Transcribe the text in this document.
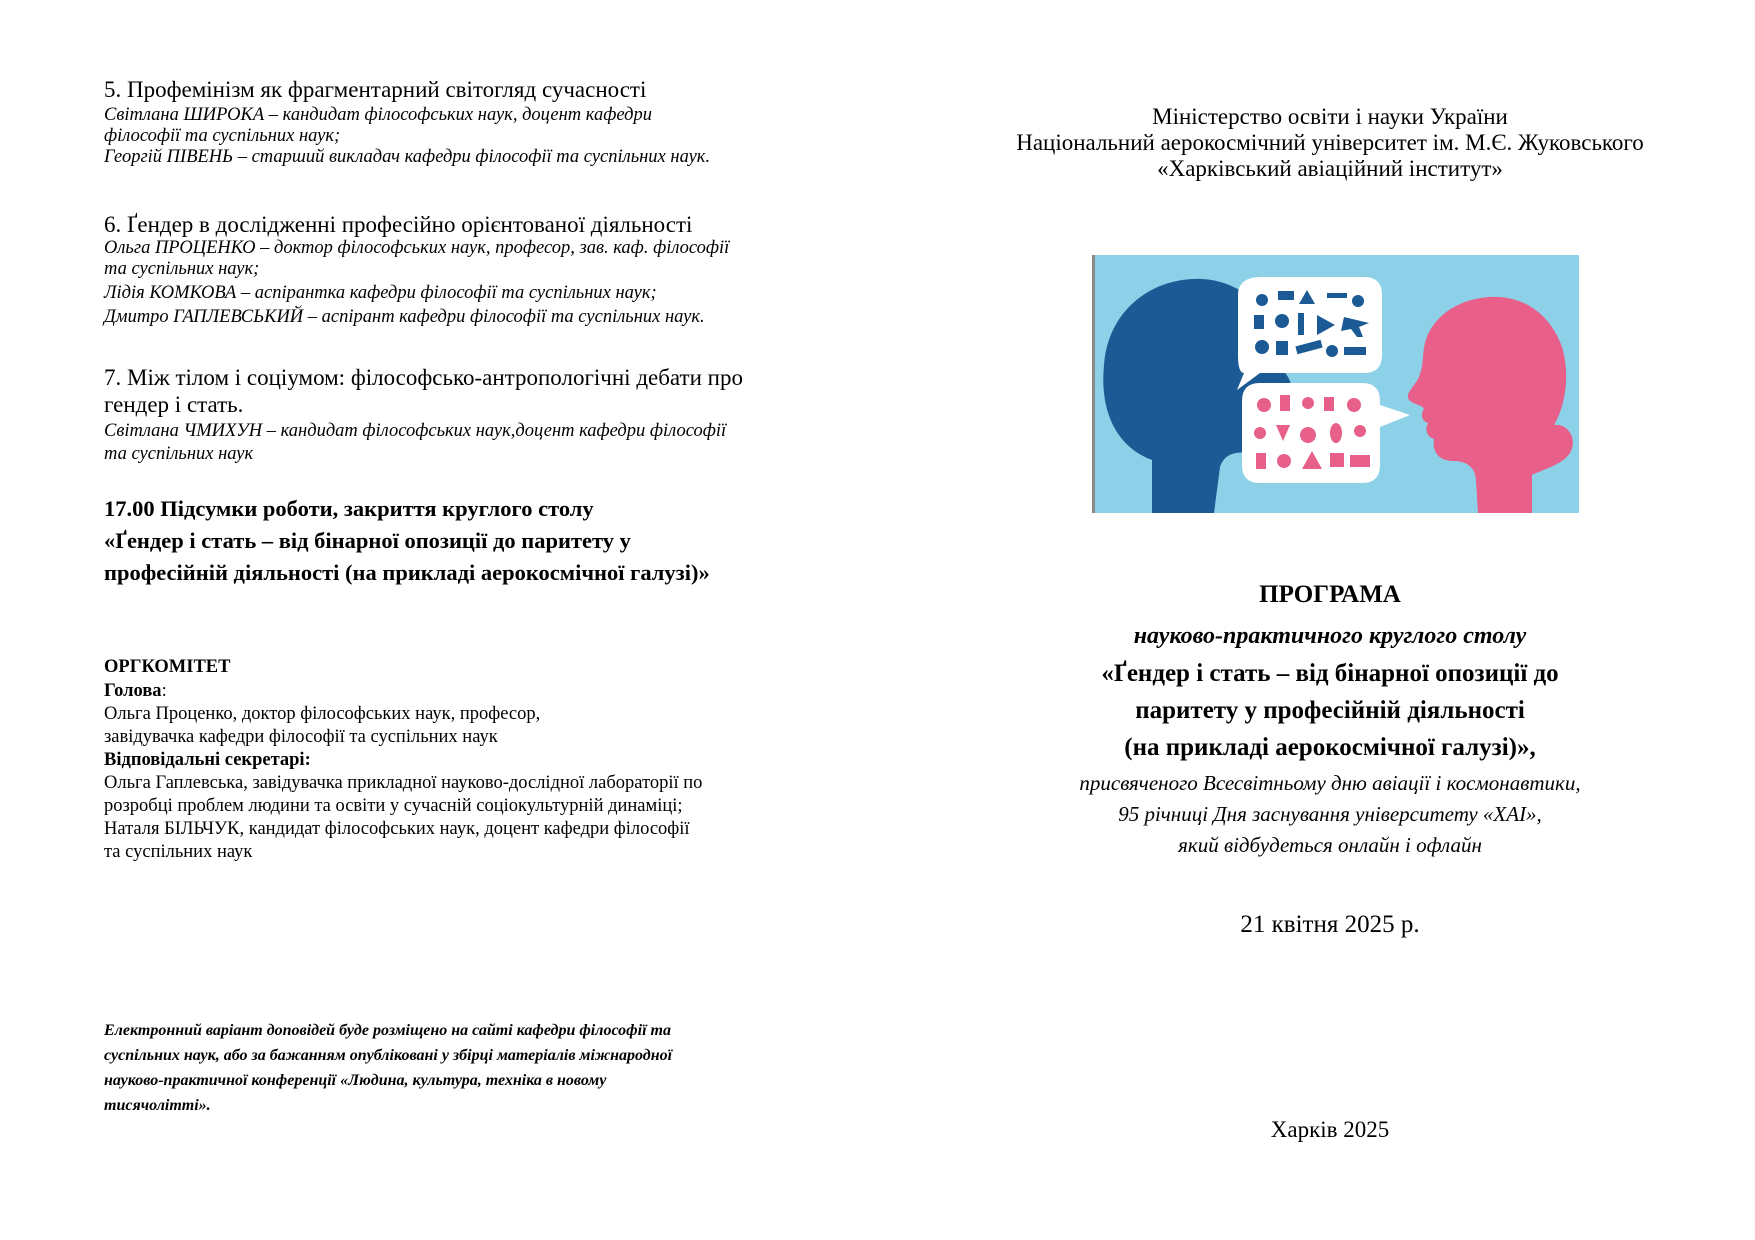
5. Профемінізм як фрагментарний світогляд сучасності
Світлана ШИРОКА – кандидат філософських наук, доцент кафедри
філософії та суспільних наук;
Георгій ПІВЕНЬ – старший викладач кафедри філософії та суспільних наук.
6. Ґендер в дослідженні професійно орієнтованої діяльності
Ольга ПРОЦЕНКО – доктор філософських наук, професор, зав. каф. філософії
та суспільних наук;
Лідія КОМКОВА – аспірантка кафедри філософії та суспільних наук;
Дмитро ГАПЛЕВСЬКИЙ – аспірант кафедри філософії та суспільних наук.
7. Між тілом і соціумом: філософсько-антропологічні дебати про
гендер і стать.
Світлана ЧМИХУН – кандидат філософських наук,доцент кафедри філософії
та суспільних наук
17.00 Підсумки роботи, закриття круглого столу
«Ґендер і стать – від бінарної опозиції до паритету у
професійній діяльності (на прикладі аерокосмічної галузі)»
ОРГКОМІТЕТ
Голова:
Ольга Проценко, доктор філософських наук, професор,
завідувачка кафедри філософії та суспільних наук
Відповідальні секретарі:
Ольга Гаплевська, завідувачка прикладної науково-дослідної лабораторії по
розробці проблем людини та освіти у сучасній соціокультурній динаміці;
Наталя БІЛЬЧУК, кандидат філософських наук, доцент кафедри філософії
та суспільних наук
Електронний варіант доповідей буде розміщено на сайті кафедри філософії та
суспільних наук, або за бажанням опубліковані у збірці матеріалів міжнародної
науково-практичної конференції «Людина, культура, техніка в новому
тисячолітті».
Міністерство освіти і науки України
Національний аерокосмічний університет ім. М.Є. Жуковського
«Харківський авіаційний інститут»
ПРОГРАМА
науково-практичного круглого столу
«Ґендер і стать – від бінарної опозиції до
паритету у професійній діяльності
(на прикладі аерокосмічної галузі)»,
присвяченого Всесвітньому дню авіації і космонавтики,
95 річниці Дня заснування університету «ХАІ»,
який відбудеться онлайн і офлайн
21 квітня 2025 р.
Харків 2025
